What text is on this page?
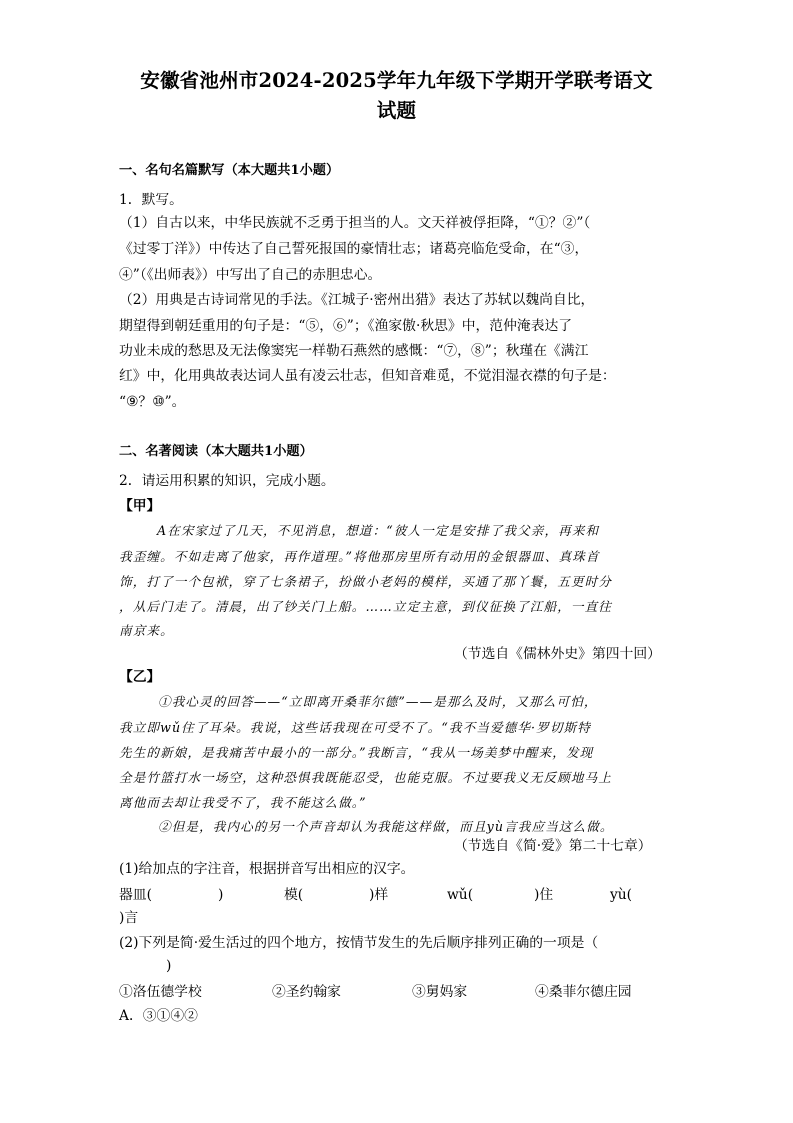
安徽省池州市2024-2025学年九年级下学期开学联考语文
试题
一、名句名篇默写（本大题共1小题）
1．默写。
（1）自古以来，中华民族就不乏勇于担当的人。文天祥被俘拒降，“①？②”（
《过零丁洋》）中传达了自己誓死报国的豪情壮志；诸葛亮临危受命，在“③，
④”（《出师表》）中写出了自己的赤胆忠心。
（2）用典是古诗词常见的手法。《江城子·密州出猎》表达了苏轼以魏尚自比，
期望得到朝廷重用的句子是：“⑤，⑥”；《渔家傲·秋思》中，范仲淹表达了
功业未成的愁思及无法像窦宪一样勒石燕然的感慨：“⑦，⑧”；秋瑾在《满江
红》中，化用典故表达词人虽有凌云壮志，但知音难觅，不觉泪湿衣襟的句子是：
“⑨？⑩”。
二、名著阅读（本大题共1小题）
2．请运用积累的知识，完成小题。
【甲】
A在宋家过了几天，不见消息，想道：“彼人一定是安排了我父亲，再来和
我歪缠。不如走离了他家，再作道理。”将他那房里所有动用的金银器皿、真珠首
饰，打了一个包袱，穿了七条裙子，扮做小老妈的模样，买通了那丫鬟，五更时分
，从后门走了。清晨，出了钞关门上船。……立定主意，到仪征换了江船，一直往
南京来。
（节选自《儒林外史》第四十回）
【乙】
①我心灵的回答——“立即离开桑菲尔德”——是那么及时，又那么可怕，
我立即wǔ住了耳朵。我说，这些话我现在可受不了。“我不当爱德华·罗切斯特
先生的新娘，是我痛苦中最小的一部分。”我断言，“我从一场美梦中醒来，发现
全是竹篮打水一场空，这种恐惧我既能忍受，也能克服。不过要我义无反顾地马上
离他而去却让我受不了，我不能这么做。”
②但是，我内心的另一个声音却认为我能这样做，而且yù言我应当这么做。
（节选自《简·爱》第二十七章）
(1)给加点的字注音，根据拼音写出相应的汉字。
器皿(	)	模(	)样	wǔ(	)住	yù(
)言
(2)下列是简·爱生活过的四个地方，按情节发生的先后顺序排列正确的一项是（
)
①洛伍德学校	②圣约翰家	③舅妈家	④桑菲尔德庄园
A．③①④②
